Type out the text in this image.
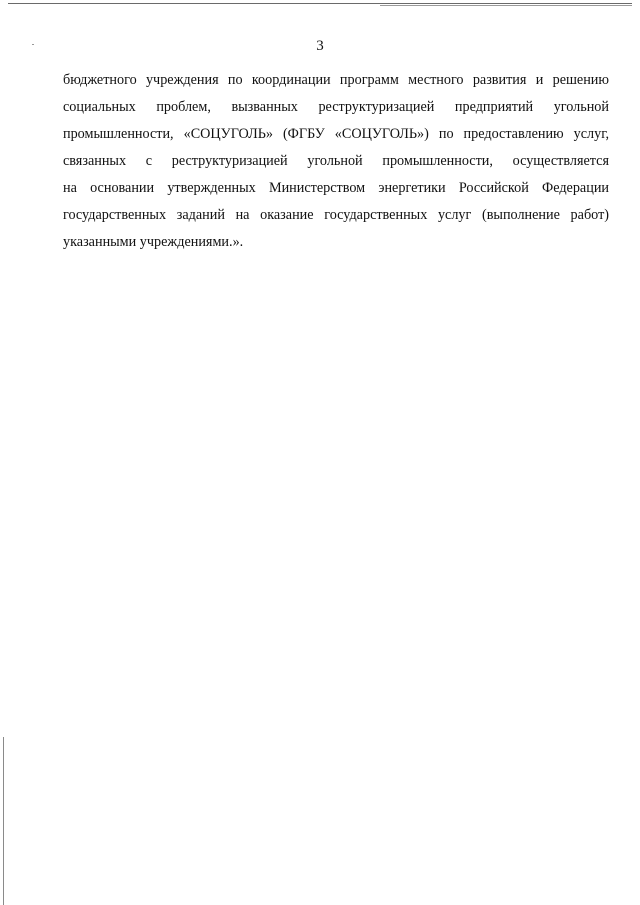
3
бюджетного учреждения по координации программ местного развития и решению
социальных проблем, вызванных реструктуризацией предприятий угольной
промышленности, «СОЦУГОЛЬ» (ФГБУ «СОЦУГОЛЬ») по предоставлению услуг,
связанных с реструктуризацией угольной промышленности, осуществляется
на основании утвержденных Министерством энергетики Российской Федерации
государственных заданий на оказание государственных услуг (выполнение работ)
указанными учреждениями.».
